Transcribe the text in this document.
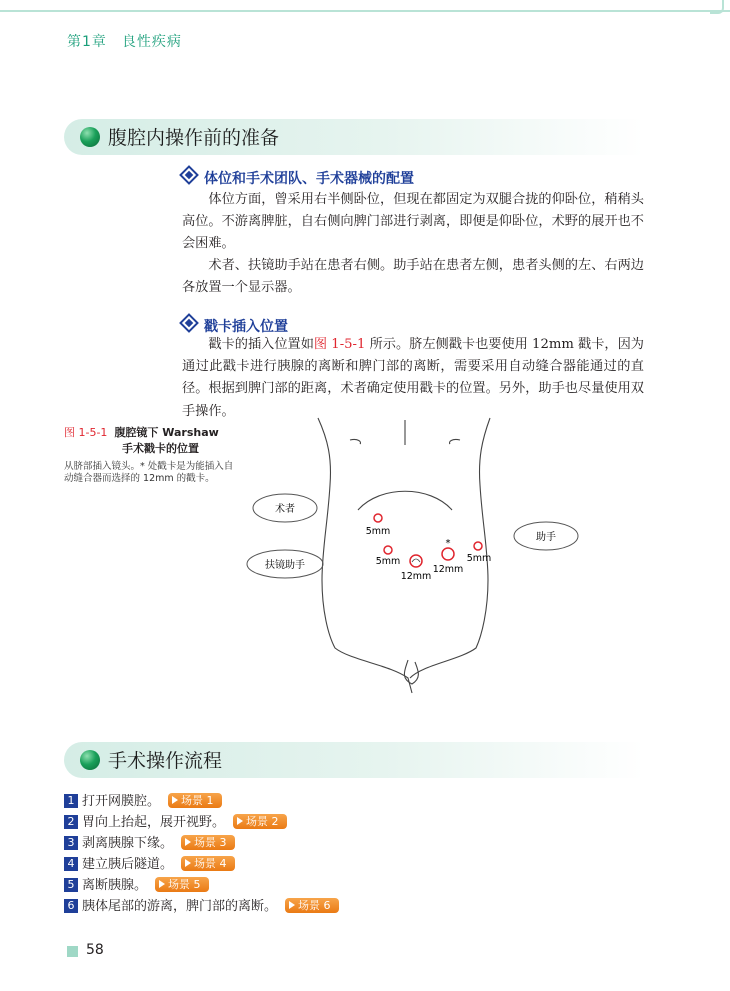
第1章　良性疾病
腹腔内操作前的准备
体位和手术团队、手术器械的配置

体位方面，曾采用右半侧卧位，但现在都固定为双腿合拢的仰卧位，稍稍头高位。不游离脾脏，自右侧向脾门部进行剥离，即便是仰卧位，术野的展开也不会困难。

术者、扶镜助手站在患者右侧。助手站在患者左侧，患者头侧的左、右两边各放置一个显示器。

戳卡插入位置

戳卡的插入位置如图 1-5-1 所示。脐左侧戳卡也要使用 12mm 戳卡，因为通过此戳卡进行胰腺的离断和脾门部的离断，需要采用自动缝合器能通过的直径。根据到脾门部的距离，术者确定使用戳卡的位置。另外，助手也尽量使用双手操作。

图 1-5-1 腹腔镜下 Warshaw
手术戳卡的位置
从脐部插入镜头。* 处戳卡是为能插入自动缝合器而选择的 12mm 的戳卡。
术者
扶镜助手
助手
5mm
5mm
12mm
*
12mm
5mm
手术操作流程
1 打开网膜腔。 场景 1
2 胃向上抬起，展开视野。 场景 2
3 剥离胰腺下缘。 场景 3
4 建立胰后隧道。 场景 4
5 离断胰腺。 场景 5
6 胰体尾部的游离，脾门部的离断。 场景 6
58
